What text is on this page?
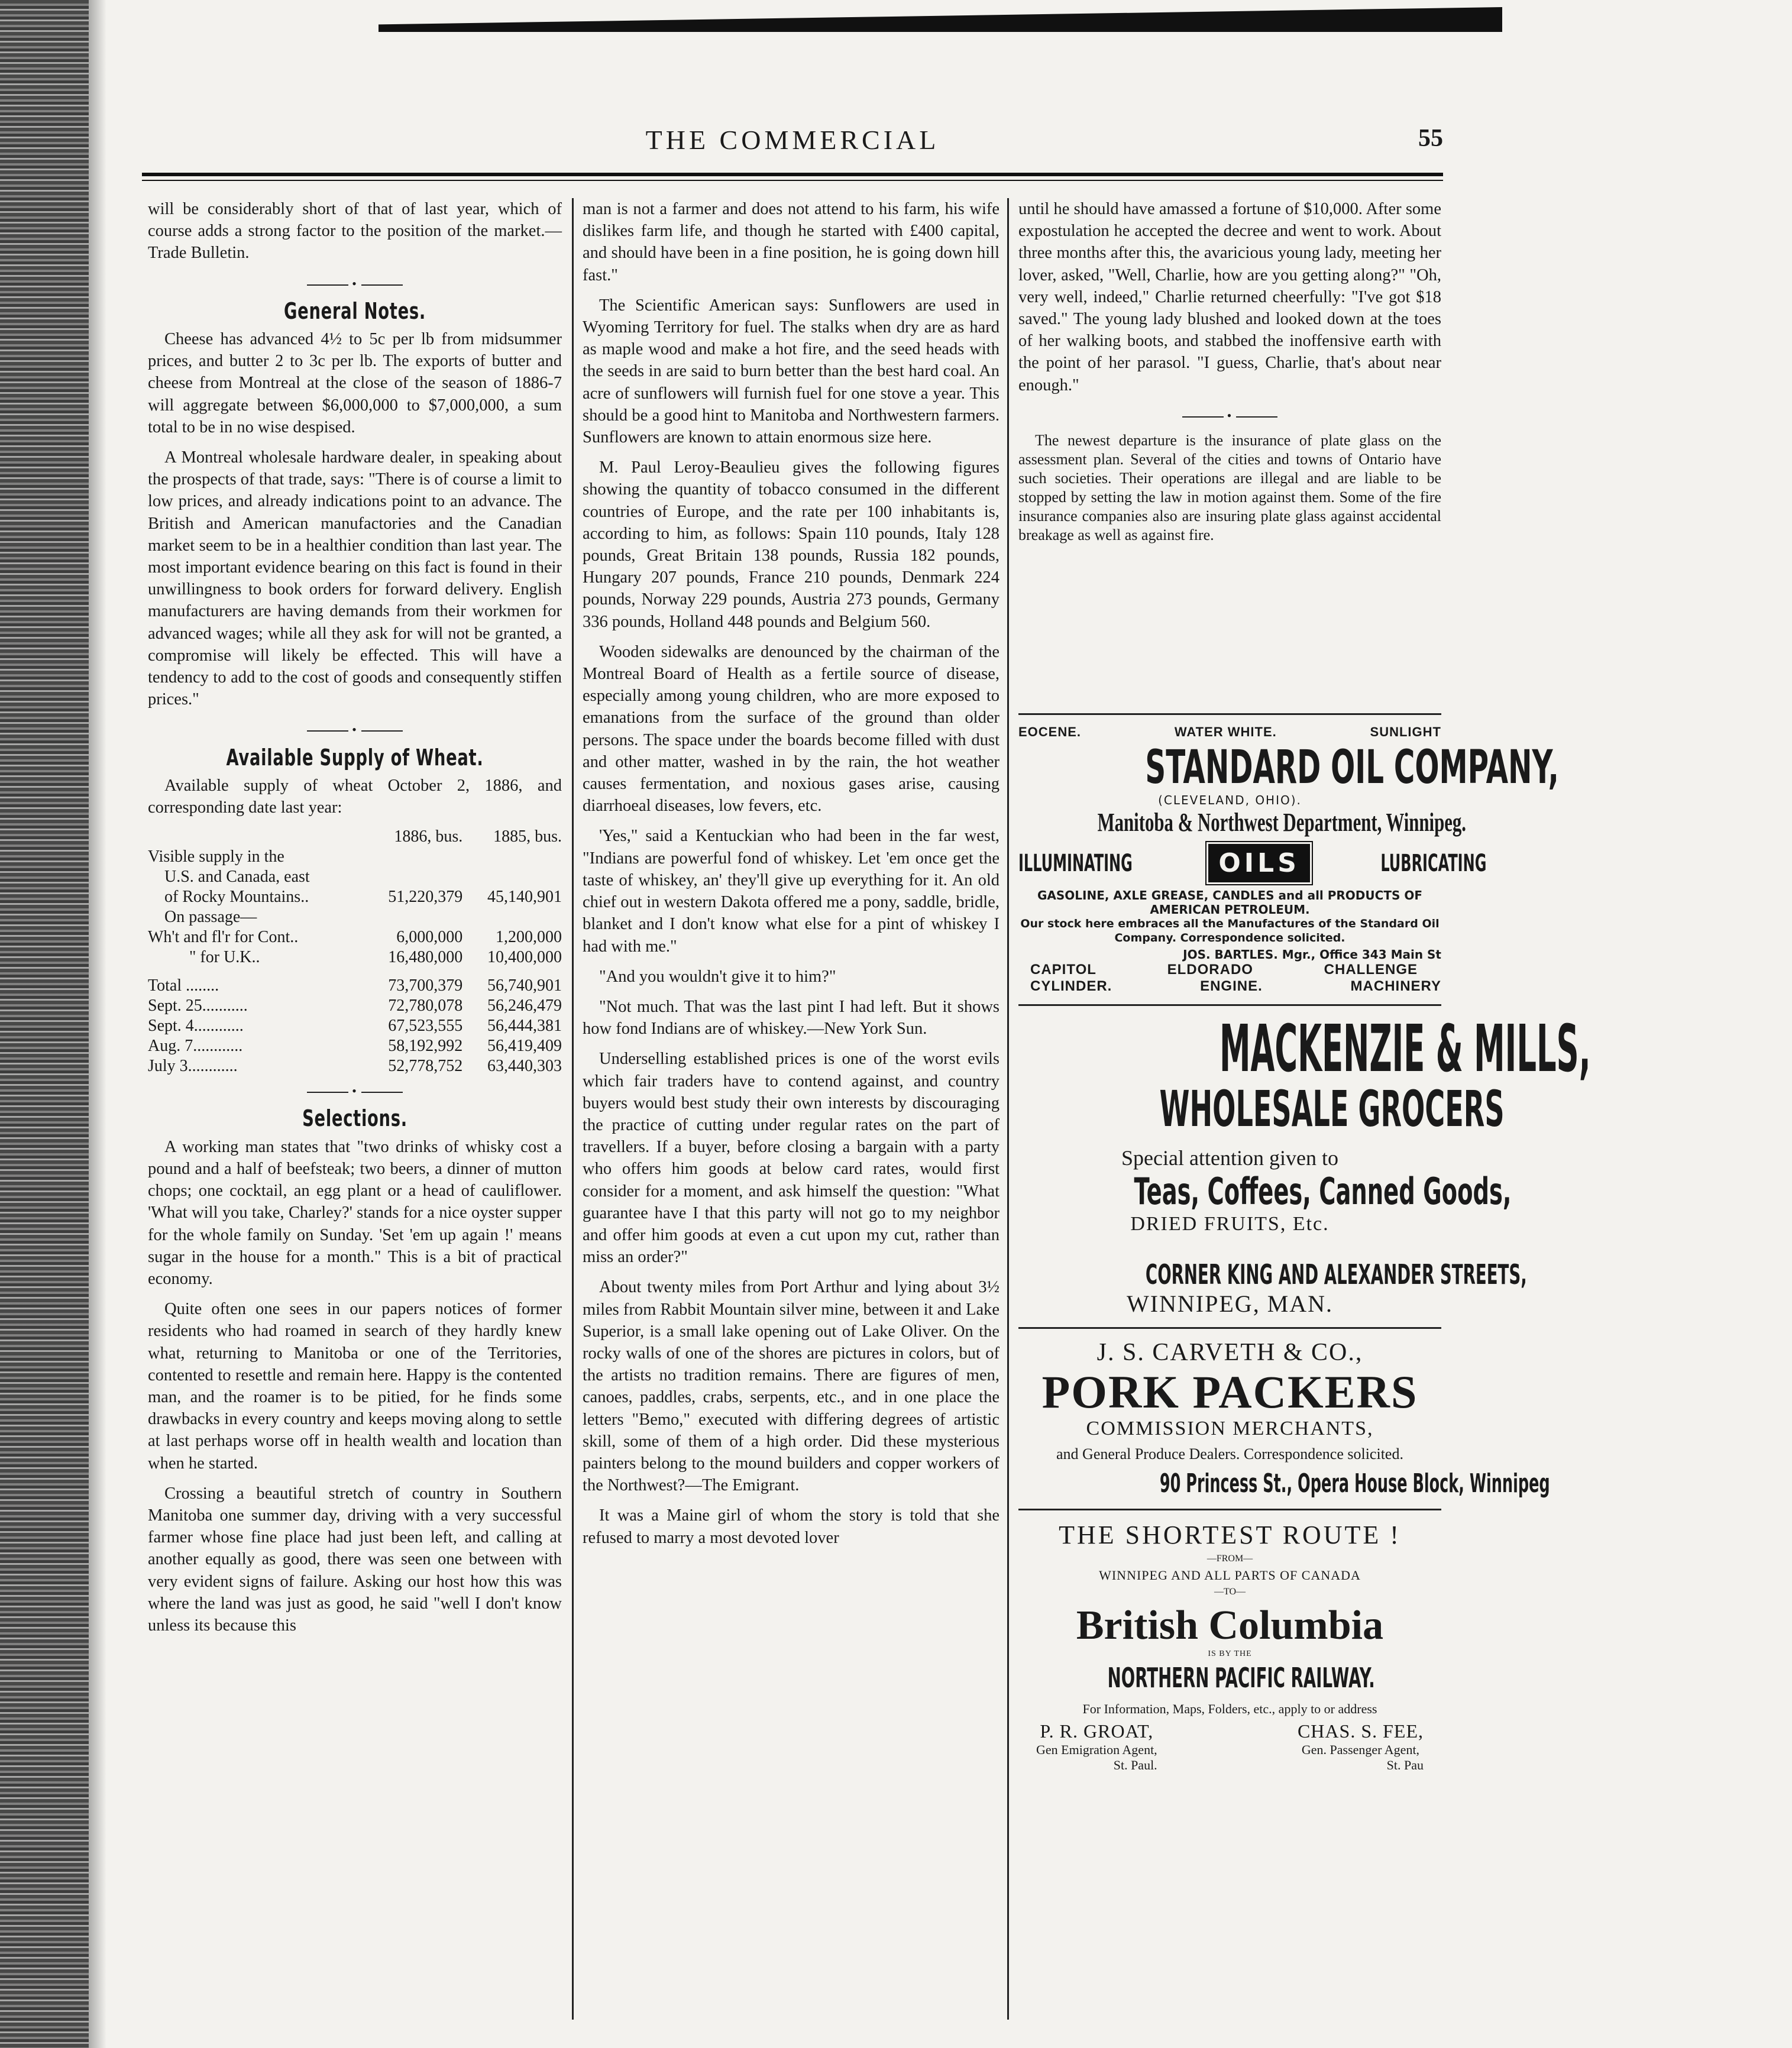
THE COMMERCIAL	55

will be considerably short of that of last year, which of course adds a strong factor to the position of the market.—Trade Bulletin.

•
General Notes.

Cheese has advanced 4½ to 5c per lb from midsummer prices, and butter 2 to 3c per lb. The exports of butter and cheese from Montreal at the close of the season of 1886-7 will aggregate between $6,000,000 to $7,000,000, a sum total to be in no wise despised.

A Montreal wholesale hardware dealer, in speaking about the prospects of that trade, says: "There is of course a limit to low prices, and already indications point to an advance. The British and American manufactories and the Canadian market seem to be in a healthier condition than last year. The most important evidence bearing on this fact is found in their unwillingness to book orders for forward delivery. English manufacturers are having demands from their workmen for advanced wages; while all they ask for will not be granted, a compromise will likely be effected. This will have a tendency to add to the cost of goods and consequently stiffen prices."

•
Available Supply of Wheat.

Available supply of wheat October 2, 1886, and corresponding date last year:

	1886, bus.	1885, bus.
Visible supply in the		
U.S. and Canada, east		
of Rocky Mountains..	51,220,379	45,140,901
On passage—		
Wh't and fl'r for Cont..	6,000,000	1,200,000
" for U.K..	16,480,000	10,400,000
Total ........	73,700,379	56,740,901
Sept. 25...........	72,780,078	56,246,479
Sept. 4............	67,523,555	56,444,381
Aug. 7............	58,192,992	56,419,409
July 3............	52,778,752	63,440,303
•
Selections.

A working man states that "two drinks of whisky cost a pound and a half of beefsteak; two beers, a dinner of mutton chops; one cocktail, an egg plant or a head of cauliflower. 'What will you take, Charley?' stands for a nice oyster supper for the whole family on Sunday. 'Set 'em up again !' means sugar in the house for a month." This is a bit of practical economy.

Quite often one sees in our papers notices of former residents who had roamed in search of they hardly knew what, returning to Manitoba or one of the Territories, contented to resettle and remain here. Happy is the contented man, and the roamer is to be pitied, for he finds some drawbacks in every country and keeps moving along to settle at last perhaps worse off in health wealth and location than when he started.

Crossing a beautiful stretch of country in Southern Manitoba one summer day, driving with a very successful farmer whose fine place had just been left, and calling at another equally as good, there was seen one between with very evident signs of failure. Asking our host how this was where the land was just as good, he said "well I don't know unless its because this

man is not a farmer and does not attend to his farm, his wife dislikes farm life, and though he started with £400 capital, and should have been in a fine position, he is going down hill fast."

The Scientific American says: Sunflowers are used in Wyoming Territory for fuel. The stalks when dry are as hard as maple wood and make a hot fire, and the seed heads with the seeds in are said to burn better than the best hard coal. An acre of sunflowers will furnish fuel for one stove a year. This should be a good hint to Manitoba and Northwestern farmers. Sunflowers are known to attain enormous size here.

M. Paul Leroy-Beaulieu gives the following figures showing the quantity of tobacco consumed in the different countries of Europe, and the rate per 100 inhabitants is, according to him, as follows: Spain 110 pounds, Italy 128 pounds, Great Britain 138 pounds, Russia 182 pounds, Hungary 207 pounds, France 210 pounds, Denmark 224 pounds, Norway 229 pounds, Austria 273 pounds, Germany 336 pounds, Holland 448 pounds and Belgium 560.

Wooden sidewalks are denounced by the chairman of the Montreal Board of Health as a fertile source of disease, especially among young children, who are more exposed to emanations from the surface of the ground than older persons. The space under the boards become filled with dust and other matter, washed in by the rain, the hot weather causes fermentation, and noxious gases arise, causing diarrhoeal diseases, low fevers, etc.

'Yes," said a Kentuckian who had been in the far west, "Indians are powerful fond of whiskey. Let 'em once get the taste of whiskey, an' they'll give up everything for it. An old chief out in western Dakota offered me a pony, saddle, bridle, blanket and I don't know what else for a pint of whiskey I had with me."

"And you wouldn't give it to him?"

"Not much. That was the last pint I had left. But it shows how fond Indians are of whiskey.—New York Sun.

Underselling established prices is one of the worst evils which fair traders have to contend against, and country buyers would best study their own interests by discouraging the practice of cutting under regular rates on the part of travellers. If a buyer, before closing a bargain with a party who offers him goods at below card rates, would first consider for a moment, and ask himself the question: "What guarantee have I that this party will not go to my neighbor and offer him goods at even a cut upon my cut, rather than miss an order?"

About twenty miles from Port Arthur and lying about 3½ miles from Rabbit Mountain silver mine, between it and Lake Superior, is a small lake opening out of Lake Oliver. On the rocky walls of one of the shores are pictures in colors, but of the artists no tradition remains. There are figures of men, canoes, paddles, crabs, serpents, etc., and in one place the letters "Bemo," executed with differing degrees of artistic skill, some of them of a high order. Did these mysterious painters belong to the mound builders and copper workers of the Northwest?—The Emigrant.

It was a Maine girl of whom the story is told that she refused to marry a most devoted lover

until he should have amassed a fortune of $10,000. After some expostulation he accepted the decree and went to work. About three months after this, the avaricious young lady, meeting her lover, asked, "Well, Charlie, how are you getting along?" "Oh, very well, indeed," Charlie returned cheerfully: "I've got $18 saved." The young lady blushed and looked down at the toes of her walking boots, and stabbed the inoffensive earth with the point of her parasol. "I guess, Charlie, that's about near enough."

•

The newest departure is the insurance of plate glass on the assessment plan. Several of the cities and towns of Ontario have such societies. Their operations are illegal and are liable to be stopped by setting the law in motion against them. Some of the fire insurance companies also are insuring plate glass against accidental breakage as well as against fire.

EOCENE.	WATER WHITE.	SUNLIGHT
STANDARD OIL COMPANY,
(CLEVELAND, OHIO).
Manitoba & Northwest Department, Winnipeg.
ILLUMINATING	OILS	LUBRICATING
GASOLINE, AXLE GREASE, CANDLES and all PRODUCTS OF AMERICAN PETROLEUM.
Our stock here embraces all the Manufactures of the Standard Oil Company. Correspondence solicited.
JOS. BARTLES. Mgr., Office 343 Main St
CAPITOL	ELDORADO	CHALLENGE
CYLINDER.	ENGINE.	MACHINERY
MACKENZIE & MILLS,
WHOLESALE GROCERS
Special attention given to
Teas, Coffees, Canned Goods,
DRIED FRUITS, Etc.
CORNER KING AND ALEXANDER STREETS,
WINNIPEG, MAN.
J. S. CARVETH & CO.,
PORK PACKERS
COMMISSION MERCHANTS,
and General Produce Dealers. Correspondence solicited.
90 Princess St., Opera House Block, Winnipeg
THE SHORTEST ROUTE !
—FROM—
WINNIPEG AND ALL PARTS OF CANADA
—TO—
British Columbia
IS BY THE
NORTHERN PACIFIC RAILWAY.
For Information, Maps, Folders, etc., apply to or address
P. R. GROAT,
Gen Emigration Agent,
St. Paul.
CHAS. S. FEE,
Gen. Passenger Agent,
St. Pau
